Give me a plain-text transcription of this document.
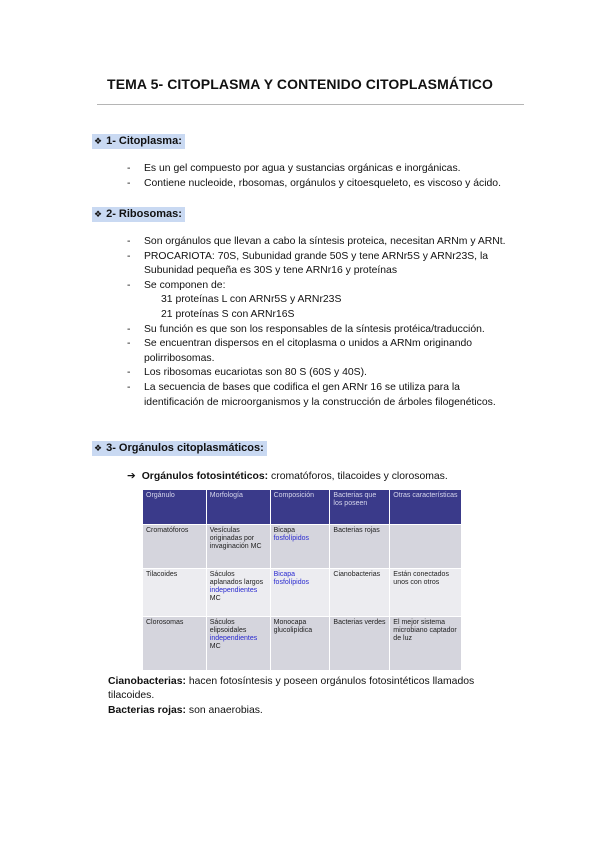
TEMA 5- CITOPLASMA Y CONTENIDO CITOPLASMÁTICO
❖ 1- Citoplasma:
- Es un gel compuesto por agua y sustancias orgánicas e inorgánicas.
- Contiene nucleoide, rbosomas, orgánulos y citoesqueleto, es viscoso y ácido.
❖ 2- Ribosomas:
- Son orgánulos que llevan a cabo la síntesis proteica, necesitan ARNm y ARNt.
- PROCARIOTA: 70S, Subunidad grande 50S y tene ARNr5S y ARNr23S, la Subunidad pequeña es 30S y tene ARNr16 y proteínas
- Se componen de:
31 proteínas L con ARNr5S y ARNr23S
21 proteínas S con ARNr16S
- Su función es que son los responsables de la síntesis protéica/traducción.
- Se encuentran dispersos en el citoplasma o unidos a ARNm originando polirribosomas.
- Los ribosomas eucariotas son 80 S (60S y 40S).
- La secuencia de bases que codifica el gen ARNr 16 se utiliza para la identificación de microorganismos y la construcción de árboles filogenéticos.
❖ 3- Orgánulos citoplasmáticos:
➔ Orgánulos fotosintéticos: cromatóforos, tilacoides y clorosomas.
Orgánulo	Morfología	Composición	Bacterias que los poseen	Otras características
Cromatóforos	Vesículas originadas por invaginación MC	Bicapa fosfolípidos	Bacterias rojas	
Tilacoides	Sáculos aplanados largos independientes MC	Bicapa fosfolípidos	Cianobacterias	Están conectados unos con otros
Clorosomas	Sáculos elipsoidales independientes MC	Monocapa glucolipídica	Bacterias verdes	El mejor sistema microbiano captador de luz
Cianobacterias: hacen fotosíntesis y poseen orgánulos fotosintéticos llamados tilacoides.
Bacterias rojas: son anaerobias.
